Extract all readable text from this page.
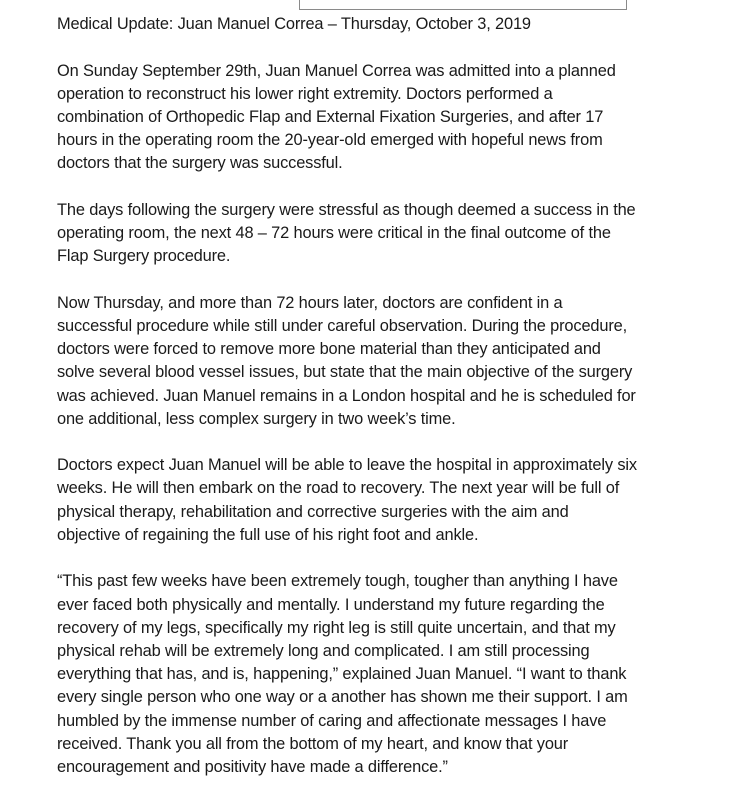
Medical Update: Juan Manuel Correa – Thursday, October 3, 2019

On Sunday September 29th, Juan Manuel Correa was admitted into a planned
operation to reconstruct his lower right extremity. Doctors performed a
combination of Orthopedic Flap and External Fixation Surgeries, and after 17
hours in the operating room the 20-year-old emerged with hopeful news from
doctors that the surgery was successful.

The days following the surgery were stressful as though deemed a success in the
operating room, the next 48 – 72 hours were critical in the final outcome of the
Flap Surgery procedure.

Now Thursday, and more than 72 hours later, doctors are confident in a
successful procedure while still under careful observation. During the procedure,
doctors were forced to remove more bone material than they anticipated and
solve several blood vessel issues, but state that the main objective of the surgery
was achieved. Juan Manuel remains in a London hospital and he is scheduled for
one additional, less complex surgery in two week’s time.

Doctors expect Juan Manuel will be able to leave the hospital in approximately six
weeks. He will then embark on the road to recovery. The next year will be full of
physical therapy, rehabilitation and corrective surgeries with the aim and
objective of regaining the full use of his right foot and ankle.

“This past few weeks have been extremely tough, tougher than anything I have
ever faced both physically and mentally. I understand my future regarding the
recovery of my legs, specifically my right leg is still quite uncertain, and that my
physical rehab will be extremely long and complicated. I am still processing
everything that has, and is, happening,” explained Juan Manuel. “I want to thank
every single person who one way or a another has shown me their support. I am
humbled by the immense number of caring and affectionate messages I have
received. Thank you all from the bottom of my heart, and know that your
encouragement and positivity have made a difference.”
